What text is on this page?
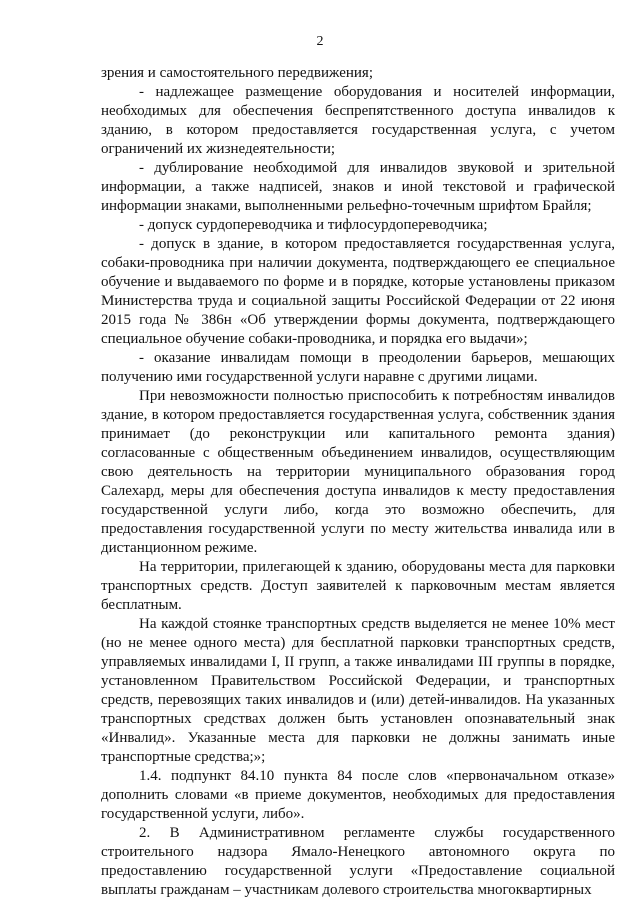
2

зрения и самостоятельного передвижения;

- надлежащее размещение оборудования и носителей информации, необходимых для обеспечения беспрепятственного доступа инвалидов к зданию, в котором предоставляется государственная услуга, с учетом ограничений их жизнедеятельности;

- дублирование необходимой для инвалидов звуковой и зрительной информации, а также надписей, знаков и иной текстовой и графической информации знаками, выполненными рельефно-точечным шрифтом Брайля;

- допуск сурдопереводчика и тифлосурдопереводчика;

- допуск в здание, в котором предоставляется государственная услуга, собаки-проводника при наличии документа, подтверждающего ее специальное обучение и выдаваемого по форме и в порядке, которые установлены приказом Министерства труда и социальной защиты Российской Федерации от 22 июня 2015 года № 386н «Об утверждении формы документа, подтверждающего специальное обучение собаки-проводника, и порядка его выдачи»;

- оказание инвалидам помощи в преодолении барьеров, мешающих получению ими государственной услуги наравне с другими лицами.

При невозможности полностью приспособить к потребностям инвалидов здание, в котором предоставляется государственная услуга, собственник здания принимает (до реконструкции или капитального ремонта здания) согласованные с общественным объединением инвалидов, осуществляющим свою деятельность на территории муниципального образования город Салехард, меры для обеспечения доступа инвалидов к месту предоставления государственной услуги либо, когда это возможно обеспечить, для предоставления государственной услуги по месту жительства инвалида или в дистанционном режиме.

На территории, прилегающей к зданию, оборудованы места для парковки транспортных средств. Доступ заявителей к парковочным местам является бесплатным.

На каждой стоянке транспортных средств выделяется не менее 10% мест (но не менее одного места) для бесплатной парковки транспортных средств, управляемых инвалидами I, II групп, а также инвалидами III группы в порядке, установленном Правительством Российской Федерации, и транспортных средств, перевозящих таких инвалидов и (или) детей-инвалидов. На указанных транспортных средствах должен быть установлен опознавательный знак «Инвалид». Указанные места для парковки не должны занимать иные транспортные средства;»;

1.4. подпункт 84.10 пункта 84 после слов «первоначальном отказе» дополнить словами «в приеме документов, необходимых для предоставления государственной услуги, либо».

2. В Административном регламенте службы государственного строительного надзора Ямало-Ненецкого автономного округа по предоставлению государственной услуги «Предоставление социальной выплаты гражданам – участникам долевого строительства многоквартирных
